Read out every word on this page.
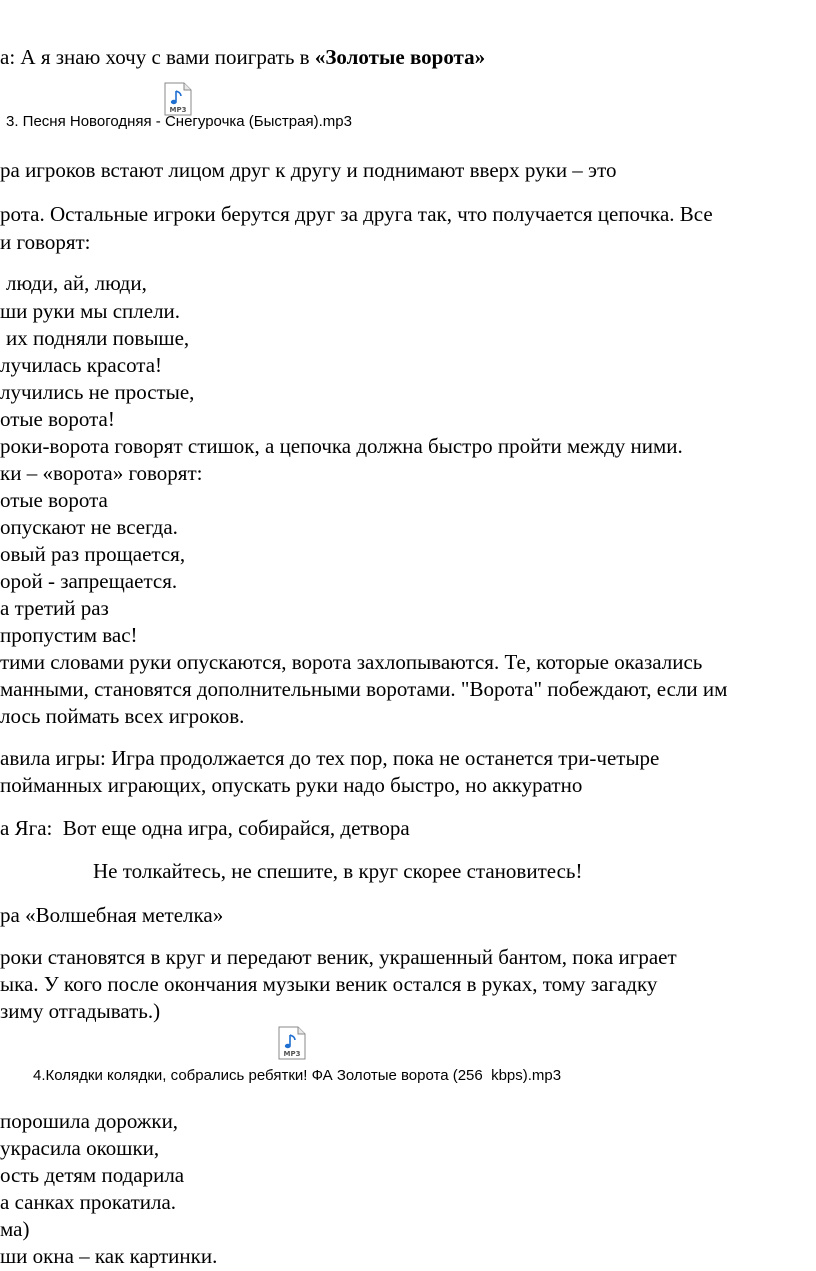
а: А я знаю хочу с вами поиграть в «Золотые ворота»
MP3
3. Песня Новогодняя - Снегурочка (Быстрая).mp3
ра игроков встают лицом друг к другу и поднимают вверх руки – это
рота. Остальные игроки берутся друг за друга так, что получается цепочка. Все
и говорят:
люди, ай, люди,
ши руки мы сплели.
их подняли повыше,
лучилась красота!
лучились не простые,
отые ворота!
роки-ворота говорят стишок, а цепочка должна быстро пройти между ними.
ки – «ворота» говорят:
отые ворота
опускают не всегда.
овый раз прощается,
орой - запрещается.
а третий раз
пропустим вас!
тими словами руки опускаются, ворота захлопываются. Те, которые оказались
манными, становятся дополнительными воротами. "Ворота" побеждают, если им
лось поймать всех игроков.
авила игры: Игра продолжается до тех пор, пока не останется три-четыре
пойманных играющих, опускать руки надо быстро, но аккуратно
а Яга:  Вот еще одна игра, собирайся, детвора
Не толкайтесь, не спешите, в круг скорее становитесь!
ра «Волшебная метелка»
роки становятся в круг и передают веник, украшенный бантом, пока играет
ыка. У кого после окончания музыки веник остался в руках, тому загадку
зиму отгадывать.)
MP3
4.Колядки колядки, собрались ребятки! ФА Золотые ворота (256  kbps).mp3
порошила дорожки,
украсила окошки,
ость детям подарила
а санках прокатила.
ма)
ши окна – как картинки.
